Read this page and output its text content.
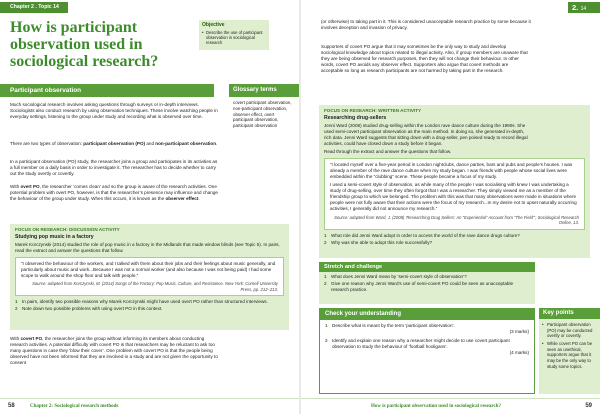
Chapter 2 . Topic 14
How is participant observation used in sociological research?
Objective
• Describe the use of participant observation in sociological research
Participant observation	Glossary terms
covert participant observation, non-participant observation, observer effect, overt participant observation, participant observation
Much sociological research involves asking questions through surveys or in-depth interviews. Sociologists also conduct research by using observation techniques. These involve watching people in everyday settings, listening to the group under study and recording what is observed over time.
There are two types of observation: participant observation (PO) and non-participant observation.
In a participant observation (PO) study, the researcher joins a group and participates in its activities as a full member on a daily basis in order to investigate it. The researcher has to decide whether to carry out the study overtly or covertly.
With overt PO, the researcher ‘comes clean’ and so the group is aware of the research activities. One potential problem with overt PO, however, is that the researcher’s presence may influence and change the behaviour of the group under study. When this occurs, it is known as the observer effect.
FOCUS ON RESEARCH: DISCUSSION ACTIVITY
Studying pop music in a factory
Marek Korczynski (2014) studied the role of pop music in a factory in the Midlands that made window blinds (see Topic 5). In pairs, read the extract and answer the questions that follow.
“I observed the behaviour of the workers, and I talked with them about their jobs and their feelings about music generally, and particularly about music and work...Because I was not a normal worker (and also because I was not being paid) I had some scope to walk around the shop floor and talk with people.”
Source: adapted from Korczynski, M. (2014) Songs of the Factory: Pop Music, Culture, and Resistance. New York: Cornell University Press, pp. 212–213.
1 In pairs, identify two possible reasons why Marek Korczynski might have used overt PO rather than structured interviews.
2 Note down two possible problems with using overt PO in this context.
With covert PO, the researcher joins the group without informing its members about conducting research activities. A potential difficulty with covert PO is that researchers may be reluctant to ask too many questions in case they ‘blow their cover’. One problem with covert PO is that the people being observed have not been informed that they are involved in a study and are not given the opportunity to consent
58	Chapter 2: Sociological research methods
2. 14
(or otherwise) to taking part in it. This is considered unacceptable research practice by some because it involves deception and invasion of privacy.
Supporters of covert PO argue that it may sometimes be the only way to study and develop sociological knowledge about topics related to illegal activity. Also, if group members are unaware that they are being observed for research purposes, then they will not change their behaviour. In other words, covert PO avoids any observer effect. Supporters also argue that covert methods are acceptable so long as research participants are not harmed by taking part in the research.
FOCUS ON RESEARCH: WRITTEN ACTIVITY
Researching drug-sellers
Jenni Ward (2008) studied drug-selling within the London rave dance culture during the 1990s. She used semi-covert participant observation as the main method. In doing so, she generated in-depth, rich data. Jenni Ward suggests that sitting down with a drug-seller, pen poised ready to record illegal activities, could have closed down a study before it began.
Read through the extract and answer the questions that follow.
“I located myself over a five-year period in London nightclubs, dance parties, bars and pubs and people’s houses. I was already a member of the rave dance culture when my study began. I was friends with people whose social lives were embedded within the “clubbing” scene. These people became a focus of my study.
I used a semi-covert style of observation, as while many of the people I was socialising with knew I was undertaking a study of drug-selling, over time they often forgot that I was a researcher. They simply viewed me as a member of the friendship group to which we belonged. The problem with this was that many observations were made in situations where people were not fully aware that their actions were the focus of my research...In my desire not to upset naturally occurring activities, I generally did not announce my research.”
Source: adapted from Ward, J. (2008) ‘Researching Drug Sellers: An “Experiential” Account from “The Field”’, Sociological Research Online, 13.
1 What role did Jenni Ward adopt in order to access the world of the rave dance drugs culture?
2 Why was she able to adopt this role successfully?
Stretch and challenge
1 What does Jenni Ward mean by ‘semi-covert style of observation’?
2 Give one reason why Jenni Ward’s use of semi-covert PO could be seen as unacceptable research practice.
Check your understanding
1 Describe what is meant by the term ‘participant observation’.
(3 marks)
2 Identify and explain one reason why a researcher might decide to use covert participant observation to study the behaviour of ‘football hooligans’.
(4 marks)
Key points
• Participant observation (PO) may be conducted overtly or covertly.
• While covert PO can be seen as unethical, supporters argue that it may be the only way to study some topics.
How is participant observation used in sociological research?	59
